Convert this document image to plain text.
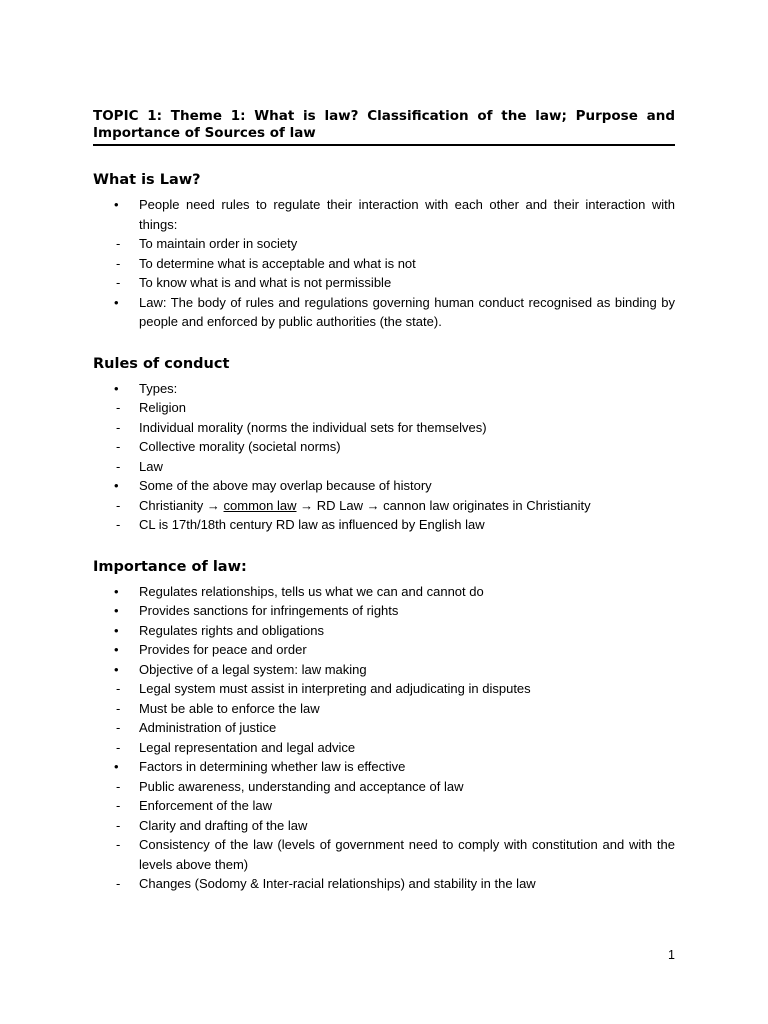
TOPIC 1: Theme 1: What is law? Classification of the law; Purpose and Importance of Sources of law
What is Law?
• People need rules to regulate their interaction with each other and their interaction with things:
- To maintain order in society
- To determine what is acceptable and what is not
- To know what is and what is not permissible
• Law: The body of rules and regulations governing human conduct recognised as binding by people and enforced by public authorities (the state).
Rules of conduct
• Types:
- Religion
- Individual morality (norms the individual sets for themselves)
- Collective morality (societal norms)
- Law
• Some of the above may overlap because of history
- Christianity → common law → RD Law → cannon law originates in Christianity
- CL is 17th/18th century RD law as influenced by English law
Importance of law:
• Regulates relationships, tells us what we can and cannot do
• Provides sanctions for infringements of rights
• Regulates rights and obligations
• Provides for peace and order
• Objective of a legal system: law making
- Legal system must assist in interpreting and adjudicating in disputes
- Must be able to enforce the law
- Administration of justice
- Legal representation and legal advice
• Factors in determining whether law is effective
- Public awareness, understanding and acceptance of law
- Enforcement of the law
- Clarity and drafting of the law
- Consistency of the law (levels of government need to comply with constitution and with the levels above them)
- Changes (Sodomy & Inter-racial relationships) and stability in the law
1
